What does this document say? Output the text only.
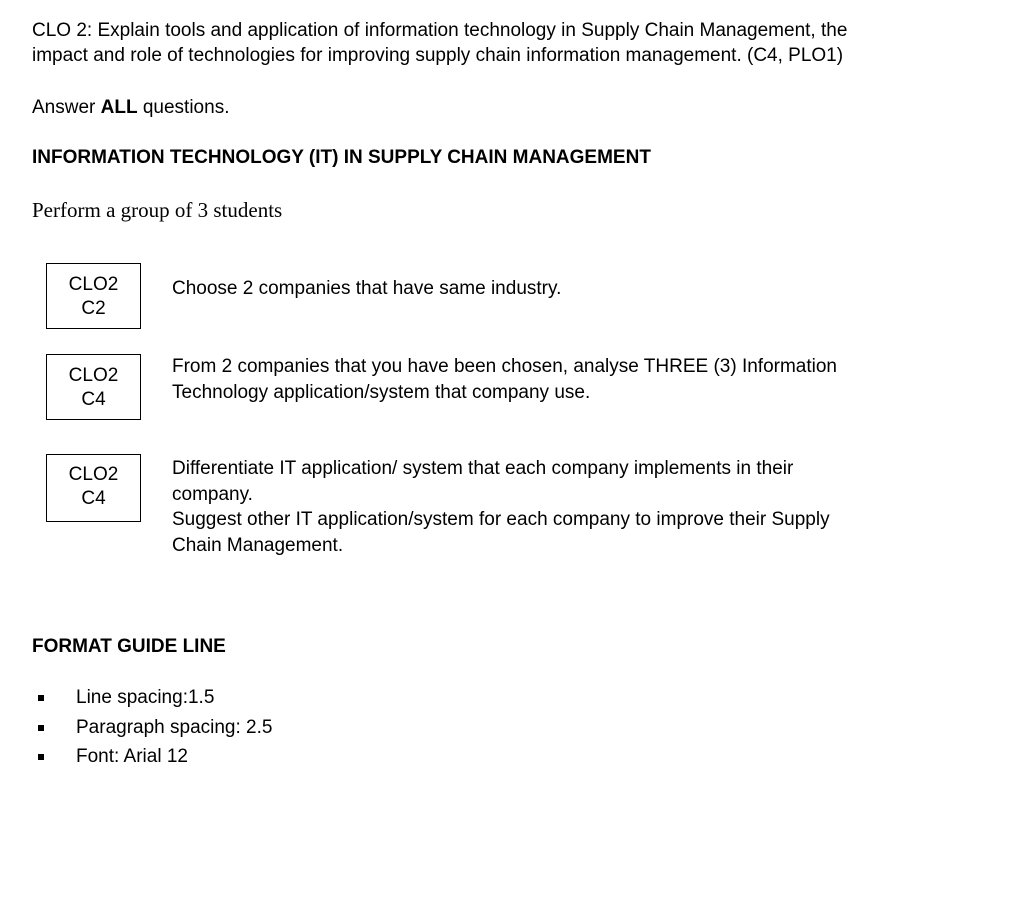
CLO 2: Explain tools and application of information technology in Supply Chain Management, the
impact and role of technologies for improving supply chain information management. (C4, PLO1)
Answer ALL questions.
INFORMATION TECHNOLOGY (IT) IN SUPPLY CHAIN MANAGEMENT
Perform a group of 3 students
CLO2
C2
Choose 2 companies that have same industry.
CLO2
C4
From 2 companies that you have been chosen, analyse THREE (3) Information
Technology application/system that company use.
CLO2
C4
Differentiate IT application/ system that each company implements in their
company.
Suggest other IT application/system for each company to improve their Supply
Chain Management.
FORMAT GUIDE LINE
Line spacing:1.5
Paragraph spacing: 2.5
Font: Arial 12
